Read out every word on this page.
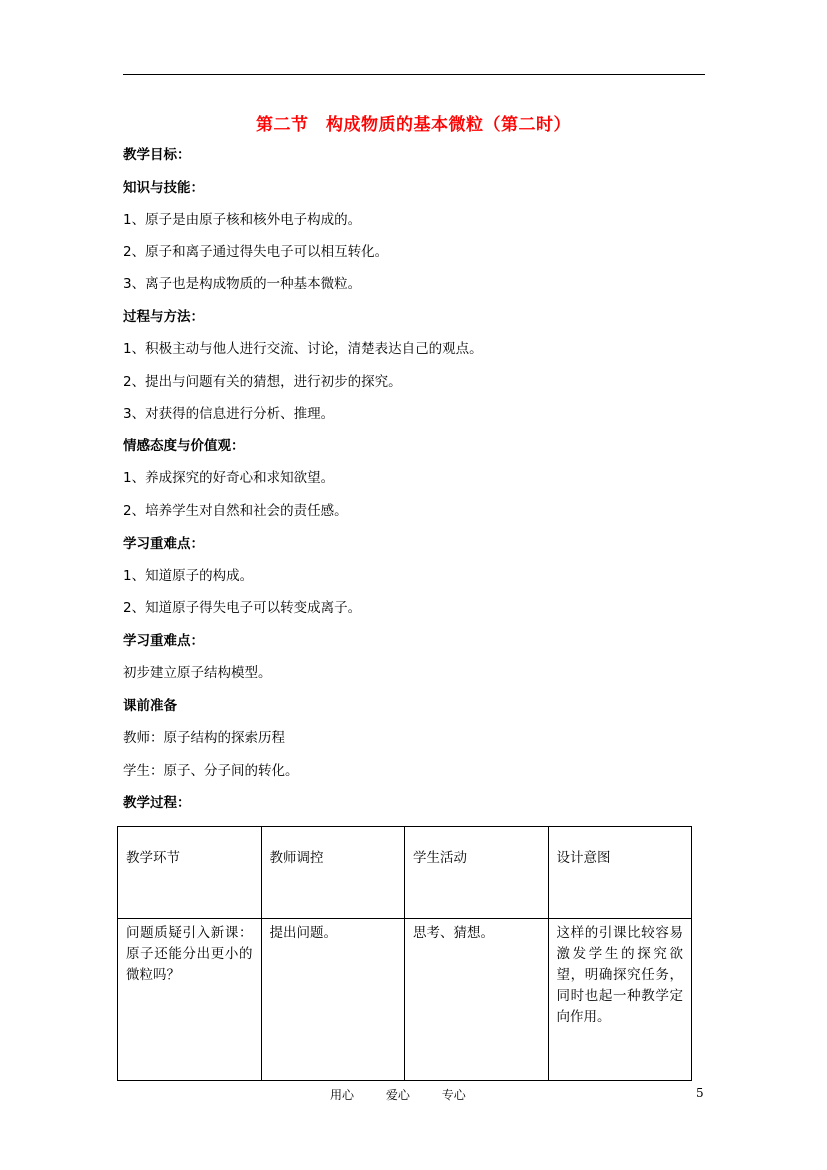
第二节　构成物质的基本微粒（第二时）
教学目标：
知识与技能：
1、原子是由原子核和核外电子构成的。
2、原子和离子通过得失电子可以相互转化。
3、离子也是构成物质的一种基本微粒。
过程与方法：
1、积极主动与他人进行交流、讨论，清楚表达自己的观点。
2、提出与问题有关的猜想，进行初步的探究。
3、对获得的信息进行分析、推理。
情感态度与价值观：
1、养成探究的好奇心和求知欲望。
2、培养学生对自然和社会的责任感。
学习重难点：
1、知道原子的构成。
2、知道原子得失电子可以转变成离子。
学习重难点：
初步建立原子结构模型。
课前准备
教师：原子结构的探索历程
学生：原子、分子间的转化。
教学过程：
教学环节	教师调控	学生活动	设计意图
问题质疑引入新课：原子还能分出更小的微粒吗？	提出问题。	思考、猜想。	这样的引课比较容易激发学生的探究欲望，明确探究任务，同时也起一种教学定向作用。
用心	爱心	专心	5
